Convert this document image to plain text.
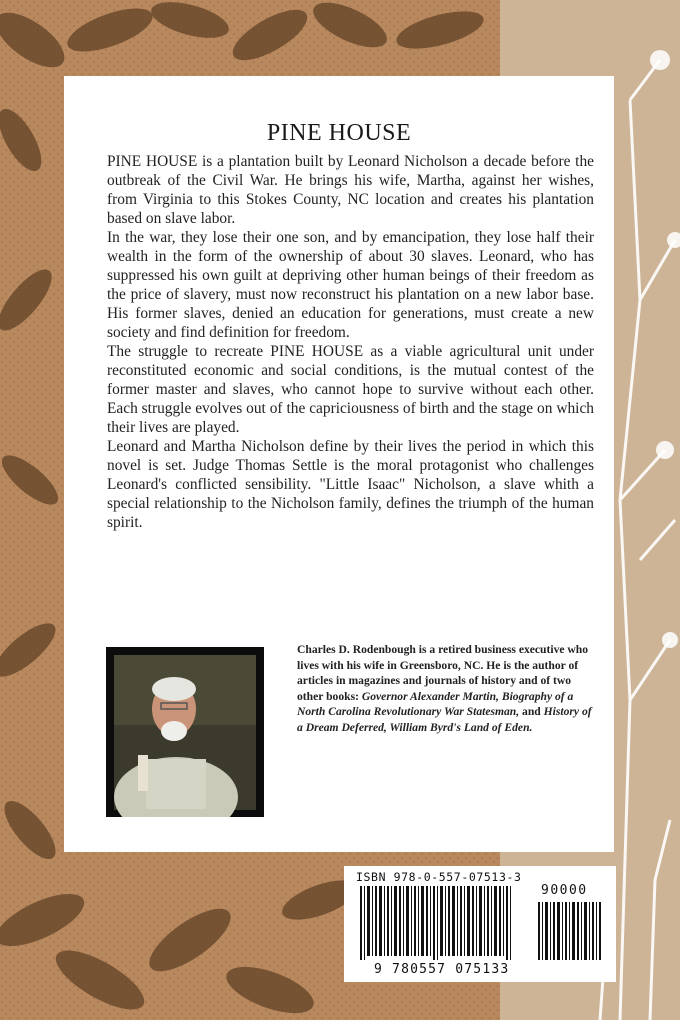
PINE HOUSE

PINE HOUSE is a plantation built by Leonard Nicholson a decade before the outbreak of the Civil War. He brings his wife, Martha, against her wishes, from Virginia to this Stokes County, NC location and creates his plantation based on slave labor.

In the war, they lose their one son, and by emancipation, they lose half their wealth in the form of the ownership of about 30 slaves. Leonard, who has suppressed his own guilt at depriving other human beings of their freedom as the price of slavery, must now reconstruct his plantation on a new labor base. His former slaves, denied an education for generations, must create a new society and find definition for freedom.

The struggle to recreate PINE HOUSE as a viable agricultural unit under reconstituted economic and social conditions, is the mutual contest of the former master and slaves, who cannot hope to survive without each other. Each struggle evolves out of the capriciousness of birth and the stage on which their lives are played.

Leonard and Martha Nicholson define by their lives the period in which this novel is set. Judge Thomas Settle is the moral protagonist who challenges Leonard's conflicted sensibility. "Little Isaac" Nicholson, a slave whith a special relationship to the Nicholson family, defines the triumph of the human spirit.

Charles D. Rodenbough is a retired business executive who lives with his wife in Greensboro, NC. He is the author of articles in magazines and journals of history and of two other books: Governor Alexander Martin, Biography of a North Carolina Revolutionary War Statesman, and History of a Dream Deferred, William Byrd's Land of Eden.
ISBN 978-0-557-07513-3
90000
9 780557 075133
